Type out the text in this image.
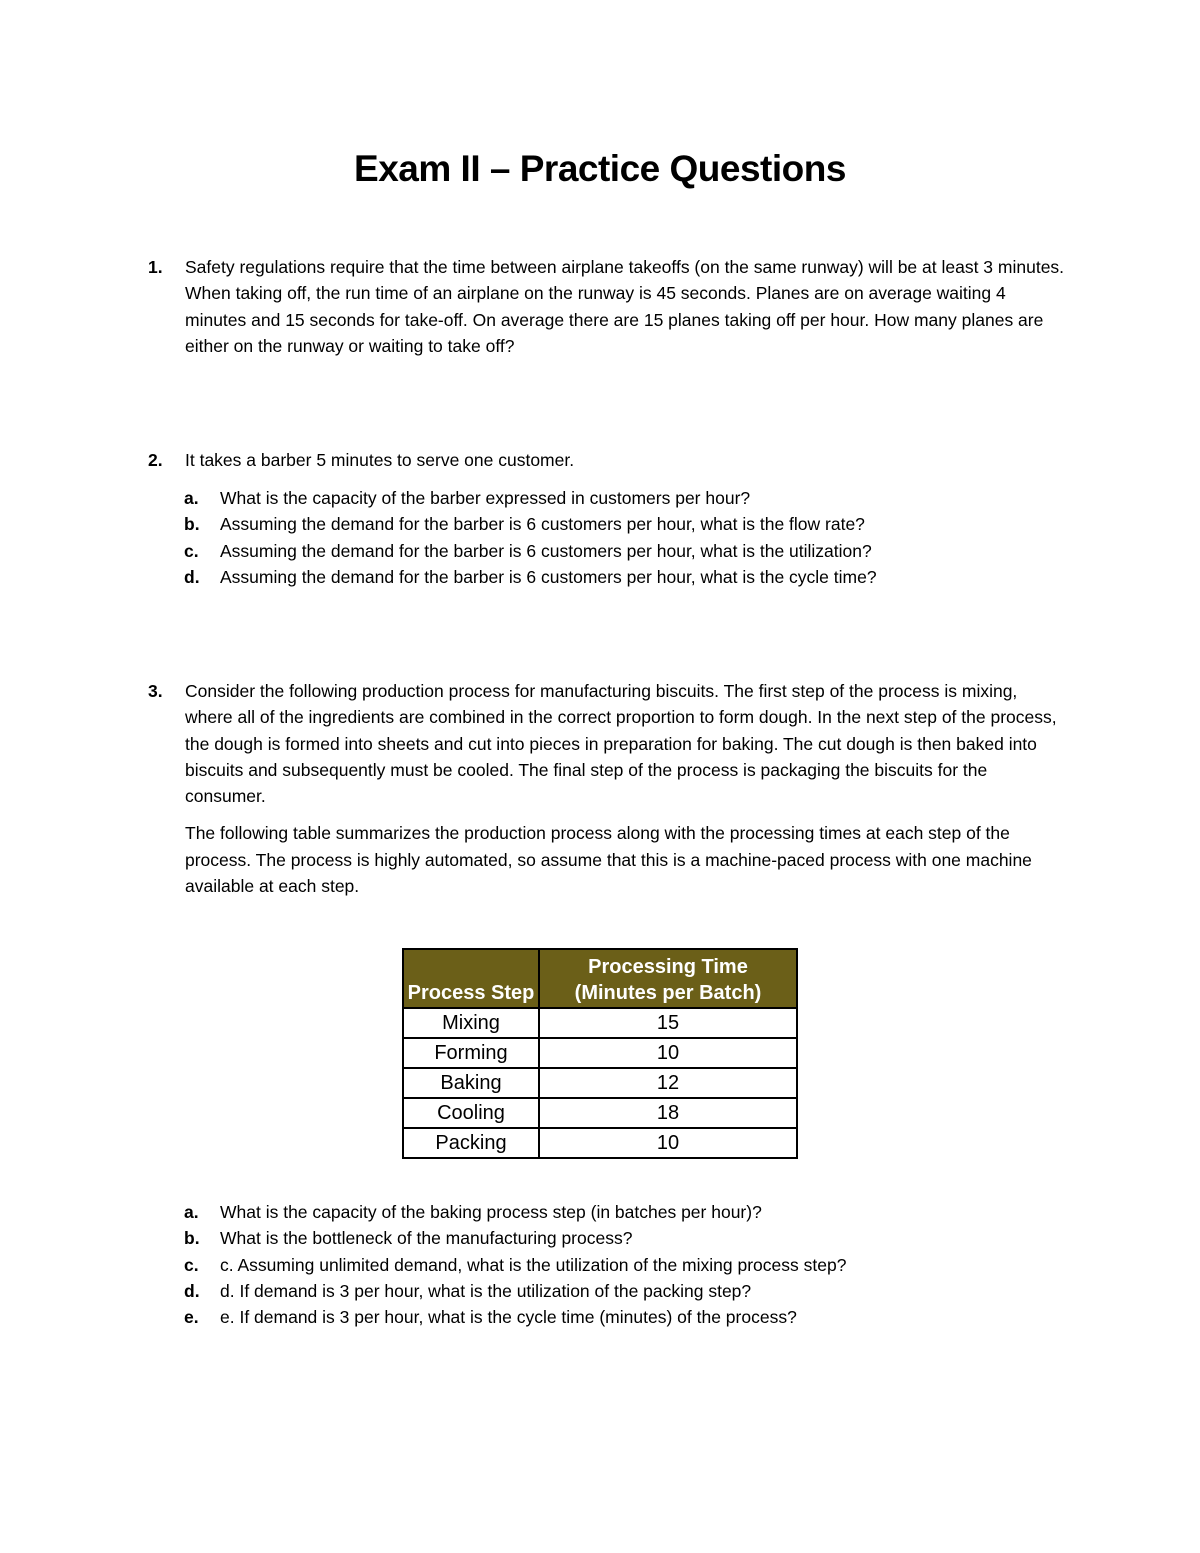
Exam II – Practice Questions
1. Safety regulations require that the time between airplane takeoffs (on the same runway) will be at least 3 minutes. When taking off, the run time of an airplane on the runway is 45 seconds. Planes are on average waiting 4 minutes and 15 seconds for take-off. On average there are 15 planes taking off per hour. How many planes are either on the runway or waiting to take off?
2. It takes a barber 5 minutes to serve one customer.
a. What is the capacity of the barber expressed in customers per hour?
b. Assuming the demand for the barber is 6 customers per hour, what is the flow rate?
c. Assuming the demand for the barber is 6 customers per hour, what is the utilization?
d. Assuming the demand for the barber is 6 customers per hour, what is the cycle time?
3. Consider the following production process for manufacturing biscuits. The first step of the process is mixing, where all of the ingredients are combined in the correct proportion to form dough. In the next step of the process, the dough is formed into sheets and cut into pieces in preparation for baking. The cut dough is then baked into biscuits and subsequently must be cooled. The final step of the process is packaging the biscuits for the consumer.
The following table summarizes the production process along with the processing times at each step of the process. The process is highly automated, so assume that this is a machine-paced process with one machine available at each step.
Process Step	Processing Time
(Minutes per Batch)

Mixing	15
Forming	10
Baking	12
Cooling	18
Packing	10
a. What is the capacity of the baking process step (in batches per hour)?
b. What is the bottleneck of the manufacturing process?
c. c. Assuming unlimited demand, what is the utilization of the mixing process step?
d. d. If demand is 3 per hour, what is the utilization of the packing step?
e. e. If demand is 3 per hour, what is the cycle time (minutes) of the process?
